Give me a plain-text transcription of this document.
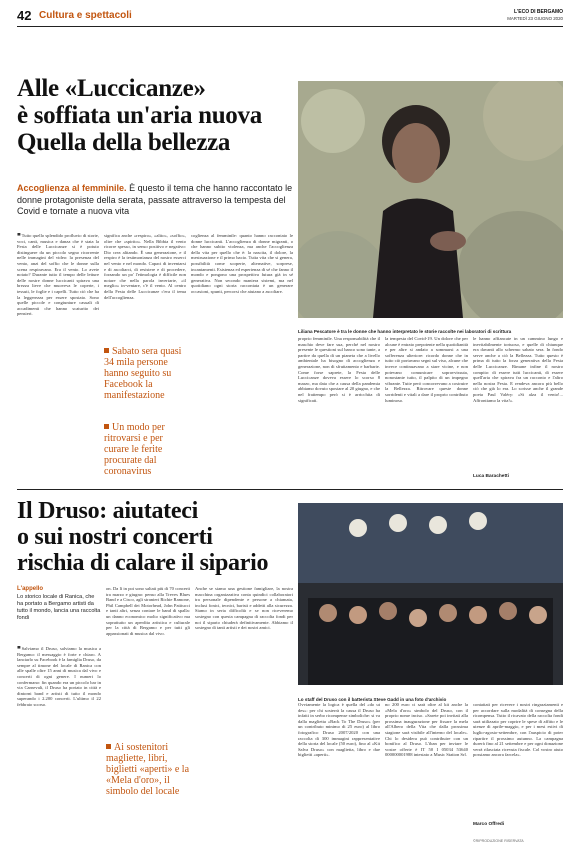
42 Cultura e spettacoli	L'ECO DI BERGAMO
MARTEDÌ 23 GIUGNO 2020
Alle «Luccicanze»
è soffiata un'aria nuova
Quella della bellezza
Accoglienza al femminile. È questo il tema che hanno raccontato le donne protagoniste della serata, passate attraverso la tempesta del Covid e tornate a nuova vita
Liliana Pescatore è tra le donne che hanno interpretato le storie raccolte nei laboratori di scrittura
■ Tutto quello splendido profluvio di storie, voci, canti, musica e danza che è stata la Festa delle Luccicanze si è potuto distinguere da un piccolo segno ricorrente nelle immagini del video: la presenza del vento, anzi del soffio che le donne sulla scena respiravano. Era il vento. Lo avete notato? Durante tutto il tempo delle letture delle nostre donne luccicanti spirava una brezza lieve che muoveva le coperte, i tessuti, le foglie e i capelli. Tutto ciò che ha la leggerezza per essere spostato. Sono quelle piccole e congiunture casuali di accadimenti che hanno scaturito dei pensieri.
significa anche «respiro», «alito», «soffio», oltre che «spirito». Nella Bibbia il vento ricorre spesso, in senso positivo e negativo: Dio crea alitando. È una generazione, e il respiro è la testimonianza del nostro esserci nel vento e nel mondo. Capaci di inventarsi e di ascoltarci, di resistere e di procedere, forzando un po' l'etimologia è difficile non notare che nella parola invertarte, «il meglio» in-ventare, c'è il vento. Al centro della Festa delle Luccicanze c'era il tema dell'accoglienza.
Sabato sera quasi 34 mila persone hanno seguito su Facebook la manifestazione
Un modo per ritrovarsi e per curare le ferite procurate dal coronavirus
coglienza al femminile: quanto hanno raccontato le donne luccicanti. L'accoglienza di donne migranti, o che hanno subito violenza, ma anche l'accoglienza della vita per quello che è: la nascita, il dolore, la mestruazione e il primo bacio. Tutta vita che si genera, possibilità come scoperte, alternative, sorprese, incantamenti. Esistenza ed esperienza di sé che fanno il mondo e pongono una prospettiva futura già in sé generativa. Non secondo maniera sistemi, ma nel quotidiano ogni storia raccontata è un generare occasioni, spunti, percorsi che aiutano a ascoltare.
proprio femminile. Una responsabilità che il maschio deve fare sua, perché nel nostro presente le questioni sul banco sono tante, a partire da quella di un pianeta che a livello ambientale ha bisogno di accoglienza e generazione, non di sfruttamento e barbarie. Come forse saprete, la Festa delle Luccicanze doveva essere lo scorso 8 marzo, ma data che a causa della pandemia abbiamo dovuto spostare al 20 giugno, e che nel frattempo però si è arricchita di significati.
la tempesta del Covid-19. Un dolore che per alcune è entrato prepotente nella quotidianità e per altre si andato a sommarsi a una sofferenza ulteriore: ricordo donne che in tutto ciò portavano segni sul viso, alcune che invece continuavano a stare vicine, e non potevano comunicare sopravvissuta, nonostante tutto, il palpito di un impegno vibrante. Tutte però concorrevano a costruire la Bellezza. Ritrovare queste donne sorridenti e vitali a dare il proprio contributo luminoso.
le hanno affiancate in un cammino lungo e inevitabilmente tortuoso, e quelle di chiunque era davanti allo schermo sabato sera. In fondo serve anche a ciò la Bellezza. Tutto questo è prima di tutto la forza generativa della Festa delle Luccicanze. Rimane infine il nostro compito: di essere tutti luccicanti, di essere quell'aria che spirava fra un racconto e l'altro nella nostra Festa. E rendeva ancora più bello ciò che già lo era. Lo scrisse anche il grande poeta Paul Valéry: «Si alza il vento!... Affrontiamo la vita!».
Luca Barachetti
Il Druso: aiutateci
o sui nostri concerti
rischia di calare il sipario
L'appello
Lo storico locale di Ranica, che ha portato a Bergamo artisti da tutto il mondo, lancia una raccolta fondi
Lo staff del Druso con il batterista Steve Gadd in una foto d'archivio
■ Salviamo il Druso, salviamo la musica a Bergamo: il messaggio è forte e chiaro. A lanciarlo su Facebook è la famiglia Druso, da sempre al timone del locale di Ranica con alle spalle oltre 15 anni di musica dal vivo e concerti di ogni genere. I numeri lo confermano: fin quando era un piccolo bar in via Carnevali, il Druso ha portato in città e dintorni band e artisti di tutto il mondo superando i 2.200 concerti. L'ultimo il 22 febbraio scorso.
on. Da lì in poi sono saltati più di 70 concerti tra marzo e giugno: penso alla Treves Blues Band e a Cisco, agli stranieri Richie Ramone, Phil Campbell dei Motorhead, John Patitucci e tanti altri, senza contare le band di spalla: un danno economico molto significativo ma soprattutto un aperdita artistica e culturale per la città di Bergamo e per tutti gli appassionati di musica dal vivo.
Ai sostenitori magliette, libri, biglietti «aperti» e la «Mela d'oro», il simbolo del locale
Anche se siamo una gestione famigliare, la nostra macchina organizzativa conta quindici collaboratori tra personale dipendente e persone a chiamata, inclusi fonici, tecnici, baristi e addetti alla sicurezza. Siamo in seria difficoltà e se non riceveremo sostegno con questa campagna di raccolta fondi per noi il sipario chiuderà definitivamente. Abbiamo il sostegno di tanti artisti e dei nostri amici.
Ovviamente la logica è quella del «do ut des»: per chi sosterrà la causa il Druso ha infatti in serbo ricompense simboliche: si va dalla maglietta «Back To The Druso» (per un contributo minimo di 25 euro) al libro fotografico Druso 2007/2020 con una raccolta di 300 immagini rappresentative della storia del locale (50 euro), fino al «Kit Salva Druso» con maglietta, libro e due biglietti «aperti».
no 200 euro ci sarà oltre al kit anche la «Mela d'oro» simbolo del Druso, con il proprio nome inciso. «Sarete poi invitati alla prossima inaugurazione per fissare la mela all'Albero della Vita che dalla prossima stagione sarà visibile all'interno del locale». Chi lo desidera può contribuire con un bonifico al Druso. L'iban per inviare le vostre offerte è IT 50 I 05034 53640 000000001988 intestato a Music Station Srl.
contattati per ricevere i nostri ringraziamenti e per accordare sulla modalità di consegna della ricompensa. Tutto il ricavato della raccolta fondi sarà utilizzato per coprire le spese di affitto e le utenze di aprile-maggio, e per i mesi estivi di luglio-agosto-settembre, con l'auspicio di poter ripartire il prossimo autunno. La campagna durerà fino al 21 settembre e per ogni donazione verrà rilasciata ricevuta fiscale. Col vostro aiuto possiamo ancora farcela».
Marco Offredi
©RIPRODUZIONE RISERVATA
